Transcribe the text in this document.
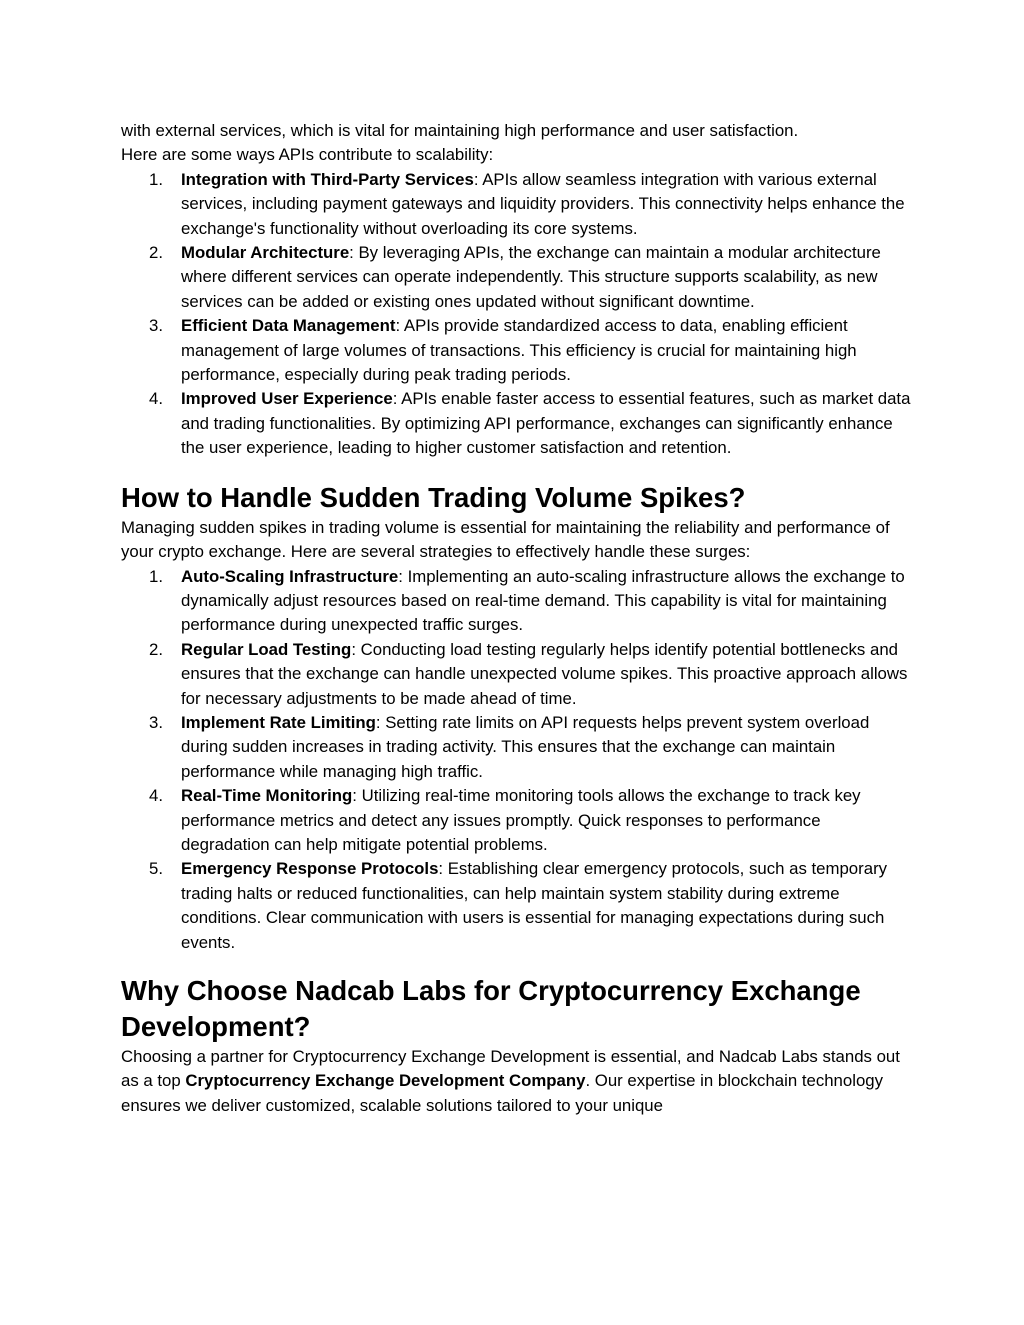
with external services, which is vital for maintaining high performance and user satisfaction.
Here are some ways APIs contribute to scalability:

1. Integration with Third-Party Services: APIs allow seamless integration with various external services, including payment gateways and liquidity providers. This connectivity helps enhance the exchange's functionality without overloading its core systems.
2. Modular Architecture: By leveraging APIs, the exchange can maintain a modular architecture where different services can operate independently. This structure supports scalability, as new services can be added or existing ones updated without significant downtime.
3. Efficient Data Management: APIs provide standardized access to data, enabling efficient management of large volumes of transactions. This efficiency is crucial for maintaining high performance, especially during peak trading periods.
4. Improved User Experience: APIs enable faster access to essential features, such as market data and trading functionalities. By optimizing API performance, exchanges can significantly enhance the user experience, leading to higher customer satisfaction and retention.
How to Handle Sudden Trading Volume Spikes?

Managing sudden spikes in trading volume is essential for maintaining the reliability and performance of your crypto exchange. Here are several strategies to effectively handle these surges:

1. Auto-Scaling Infrastructure: Implementing an auto-scaling infrastructure allows the exchange to dynamically adjust resources based on real-time demand. This capability is vital for maintaining performance during unexpected traffic surges.
2. Regular Load Testing: Conducting load testing regularly helps identify potential bottlenecks and ensures that the exchange can handle unexpected volume spikes. This proactive approach allows for necessary adjustments to be made ahead of time.
3. Implement Rate Limiting: Setting rate limits on API requests helps prevent system overload during sudden increases in trading activity. This ensures that the exchange can maintain performance while managing high traffic.
4. Real-Time Monitoring: Utilizing real-time monitoring tools allows the exchange to track key performance metrics and detect any issues promptly. Quick responses to performance degradation can help mitigate potential problems.
5. Emergency Response Protocols: Establishing clear emergency protocols, such as temporary trading halts or reduced functionalities, can help maintain system stability during extreme conditions. Clear communication with users is essential for managing expectations during such events.
Why Choose Nadcab Labs for Cryptocurrency Exchange Development?

Choosing a partner for Cryptocurrency Exchange Development is essential, and Nadcab Labs stands out as a top Cryptocurrency Exchange Development Company. Our expertise in blockchain technology ensures we deliver customized, scalable solutions tailored to your unique
